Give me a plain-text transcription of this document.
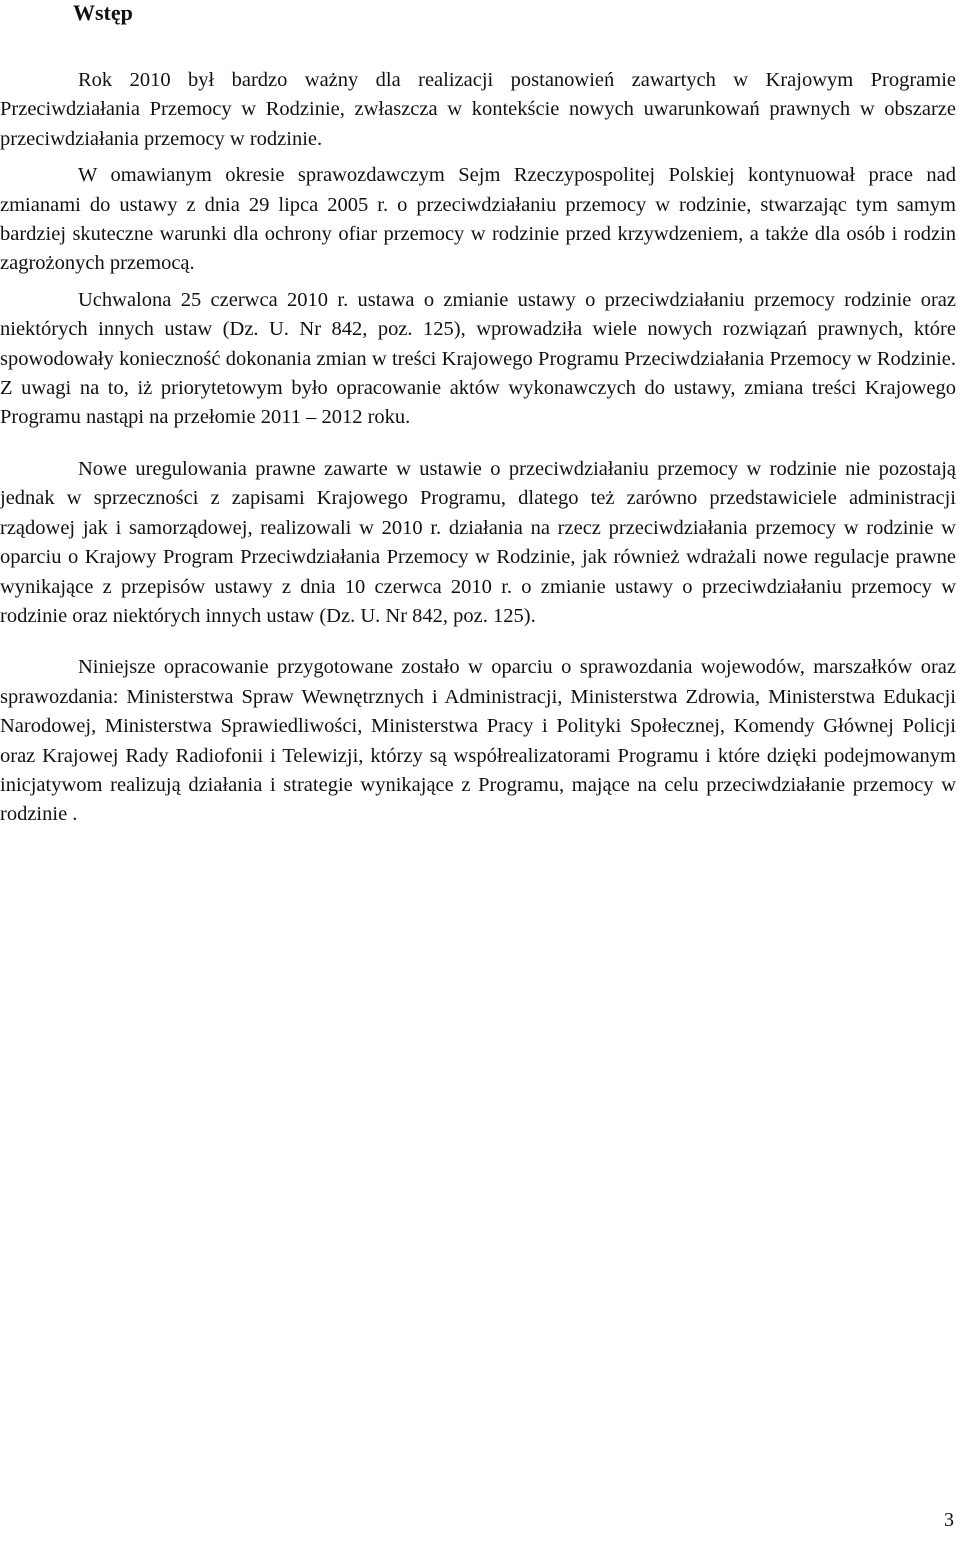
Wstęp

Rok 2010 był bardzo ważny dla realizacji postanowień zawartych w Krajowym Programie Przeciwdziałania Przemocy w Rodzinie, zwłaszcza w kontekście nowych uwarunkowań prawnych w obszarze przeciwdziałania przemocy w rodzinie.

W omawianym okresie sprawozdawczym Sejm Rzeczypospolitej Polskiej kontynuował prace nad zmianami do ustawy z dnia 29 lipca 2005 r. o przeciwdziałaniu przemocy w rodzinie, stwarzając tym samym bardziej skuteczne warunki dla ochrony ofiar przemocy w rodzinie przed krzywdzeniem, a także dla osób i rodzin zagrożonych przemocą.

Uchwalona 25 czerwca 2010 r. ustawa o zmianie ustawy o przeciwdziałaniu przemocy rodzinie oraz niektórych innych ustaw (Dz. U. Nr 842, poz. 125), wprowadziła wiele nowych rozwiązań prawnych, które spowodowały konieczność dokonania zmian w treści Krajowego Programu Przeciwdziałania Przemocy w Rodzinie. Z uwagi na to, iż priorytetowym było opracowanie aktów wykonawczych do ustawy, zmiana treści Krajowego Programu nastąpi na przełomie 2011 – 2012 roku.

Nowe uregulowania prawne zawarte w ustawie o przeciwdziałaniu przemocy w rodzinie nie pozostają jednak w sprzeczności z zapisami Krajowego Programu, dlatego też zarówno przedstawiciele administracji rządowej jak i samorządowej, realizowali w 2010 r. działania na rzecz przeciwdziałania przemocy w rodzinie w oparciu o Krajowy Program Przeciwdziałania Przemocy w Rodzinie, jak również wdrażali nowe regulacje prawne wynikające z przepisów ustawy z dnia 10 czerwca 2010 r. o zmianie ustawy o przeciwdziałaniu przemocy w rodzinie oraz niektórych innych ustaw (Dz. U. Nr 842, poz. 125).

Niniejsze opracowanie przygotowane zostało w oparciu o sprawozdania wojewodów, marszałków oraz sprawozdania: Ministerstwa Spraw Wewnętrznych i Administracji, Ministerstwa Zdrowia, Ministerstwa Edukacji Narodowej, Ministerstwa Sprawiedliwości, Ministerstwa Pracy i Polityki Społecznej, Komendy Głównej Policji oraz Krajowej Rady Radiofonii i Telewizji, którzy są współrealizatorami Programu i które dzięki podejmowanym inicjatywom realizują działania i strategie wynikające z Programu, mające na celu przeciwdziałanie przemocy w rodzinie .

3
